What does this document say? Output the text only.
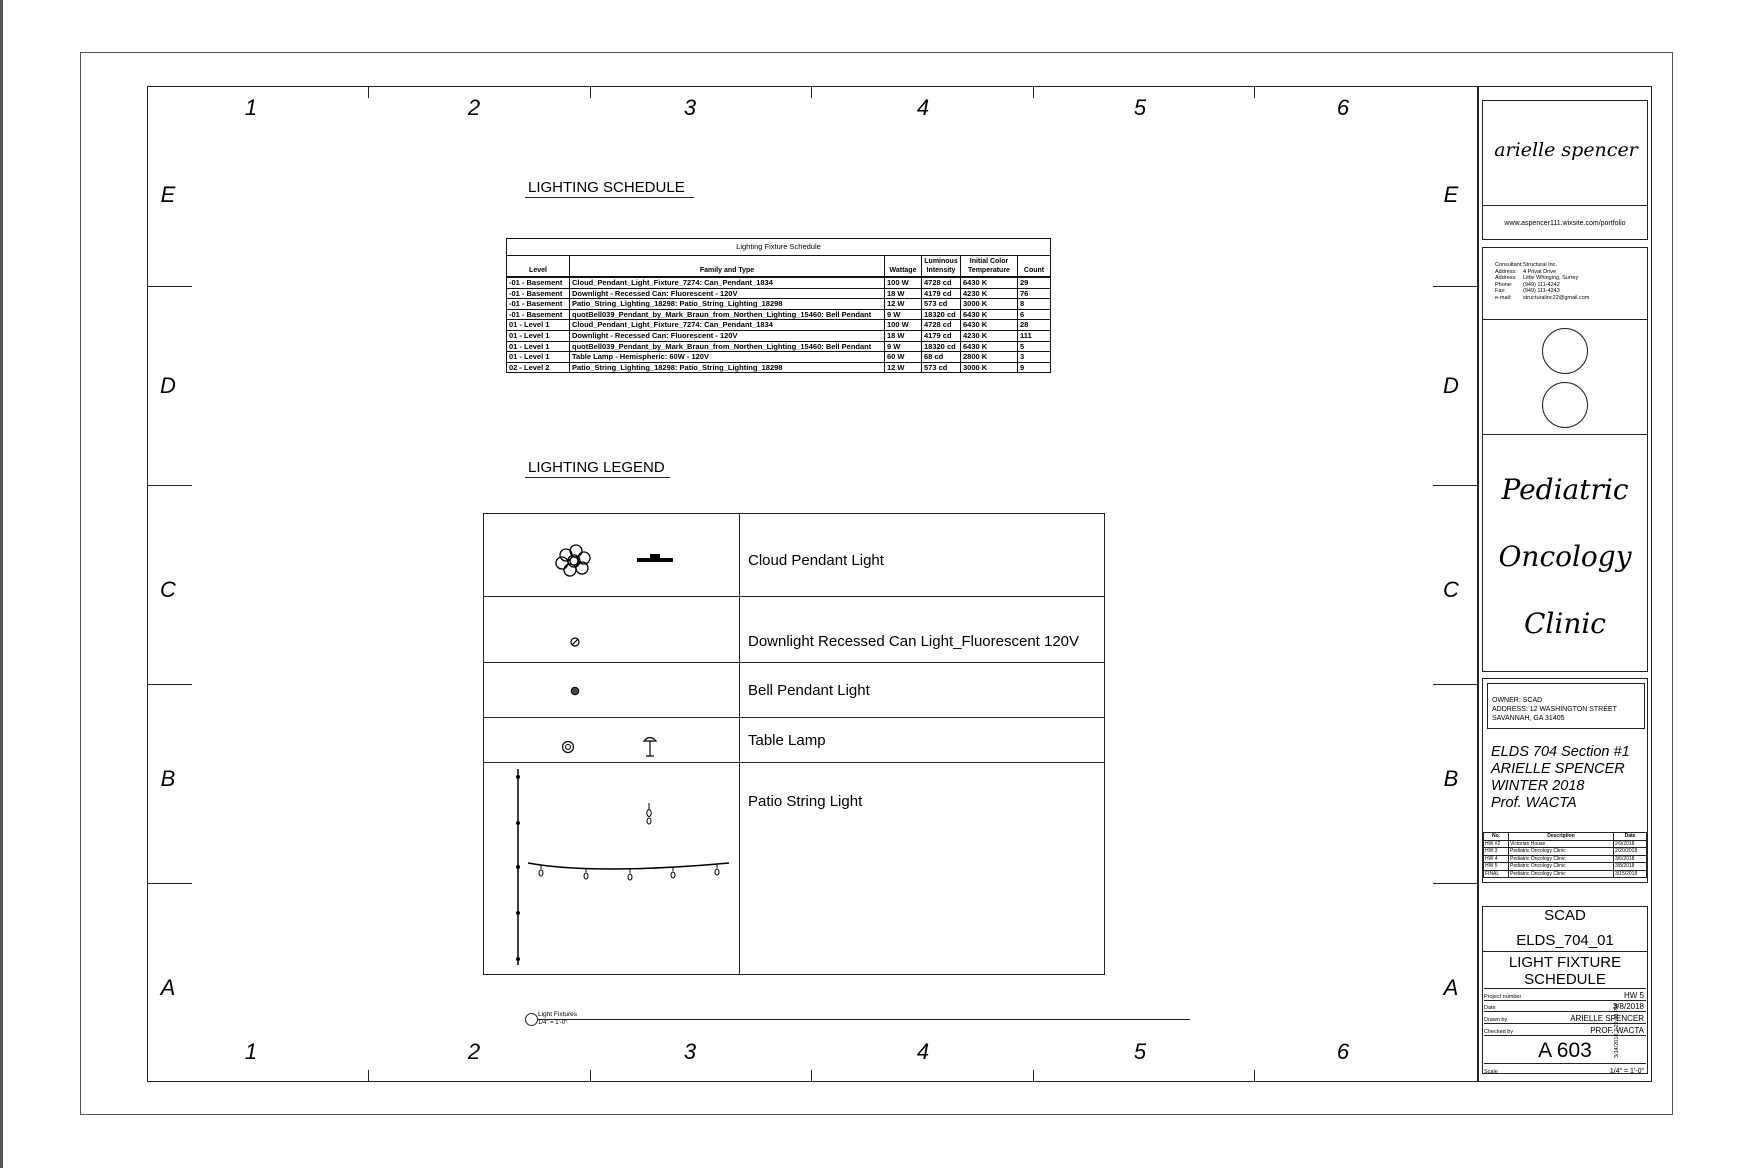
1	2	3	4	5	6
1	2	3	4	5	6
E
D
C
B
A
E
D
C
B
A
LIGHTING SCHEDULE
Lighting Fixture Schedule					
Level	Family and Type	Wattage	Luminous Intensity	Initial Color Temperature	Count

-01 - Basement	Cloud_Pendant_Light_Fixture_7274: Can_Pendant_1834	100 W	4728 cd	6430 K	29
-01 - Basement	Downlight - Recessed Can: Fluorescent - 120V	18 W	4179 cd	4230 K	76
-01 - Basement	Patio_String_Lighting_18298: Patio_String_Lighting_18298	12 W	573 cd	3000 K	8
-01 - Basement	quotBell039_Pendant_by_Mark_Braun_from_Northen_Lighting_15460: Bell Pendant	9 W	18320 cd	6430 K	6
01 - Level 1	Cloud_Pendant_Light_Fixture_7274: Can_Pendant_1834	100 W	4728 cd	6430 K	28
01 - Level 1	Downlight - Recessed Can: Fluorescent - 120V	18 W	4179 cd	4230 K	111
01 - Level 1	quotBell039_Pendant_by_Mark_Braun_from_Northen_Lighting_15460: Bell Pendant	9 W	18320 cd	6430 K	5
01 - Level 1	Table Lamp - Hemispheric: 60W - 120V	60 W	68 cd	2800 K	3
02 - Level 2	Patio_String_Lighting_18298: Patio_String_Lighting_18298	12 W	573 cd	3000 K	9
LIGHTING LEGEND
Cloud Pendant Light
Downlight Recessed Can Light_Fluorescent 120V
Bell Pendant Light
Table Lamp
Patio String Light
Light Fixtures
1/4" = 1'-0"
arielle spencer
www.aspencer111.wixsite.com/portfolio
Consultant:Structural Inc.
Address: 4 Privat Drive
Address: Little Whinging, Surrey
Phone: (949) 111-4242
Fax:	(949) 111-4243
e-mail: structuralinc22@gmail.com
Pediatric
Oncology
Clinic
OWNER: SCAD
ADDRESS: 12 WASHINGTON STREET
SAVANNAH, GA 31405
ELDS 704 Section #1
ARIELLE SPENCER
WINTER 2018
Prof. WACTA
No.	Description	Date
HW #2	Victorian House	2/9/2018
HW 3	Pediatric Oncology Clinic	2/20/2018
HW 4	Pediatric Oncology Clinic	3/6/2018
HW 5	Pediatric Oncology Clinic	3/8/2018
FINAL	Pediatric Oncology Clinic	3/15/2018
SCAD
ELDS_704_01
LIGHT FIXTURE
SCHEDULE
Project number	HW 5
Date	3/8/2018
Drawn by	ARIELLE SPENCER
Checked by	PROF. WACTA
A 603
Scale	1/4" = 1'-0"
3/14/2018 7:22:58 PM
